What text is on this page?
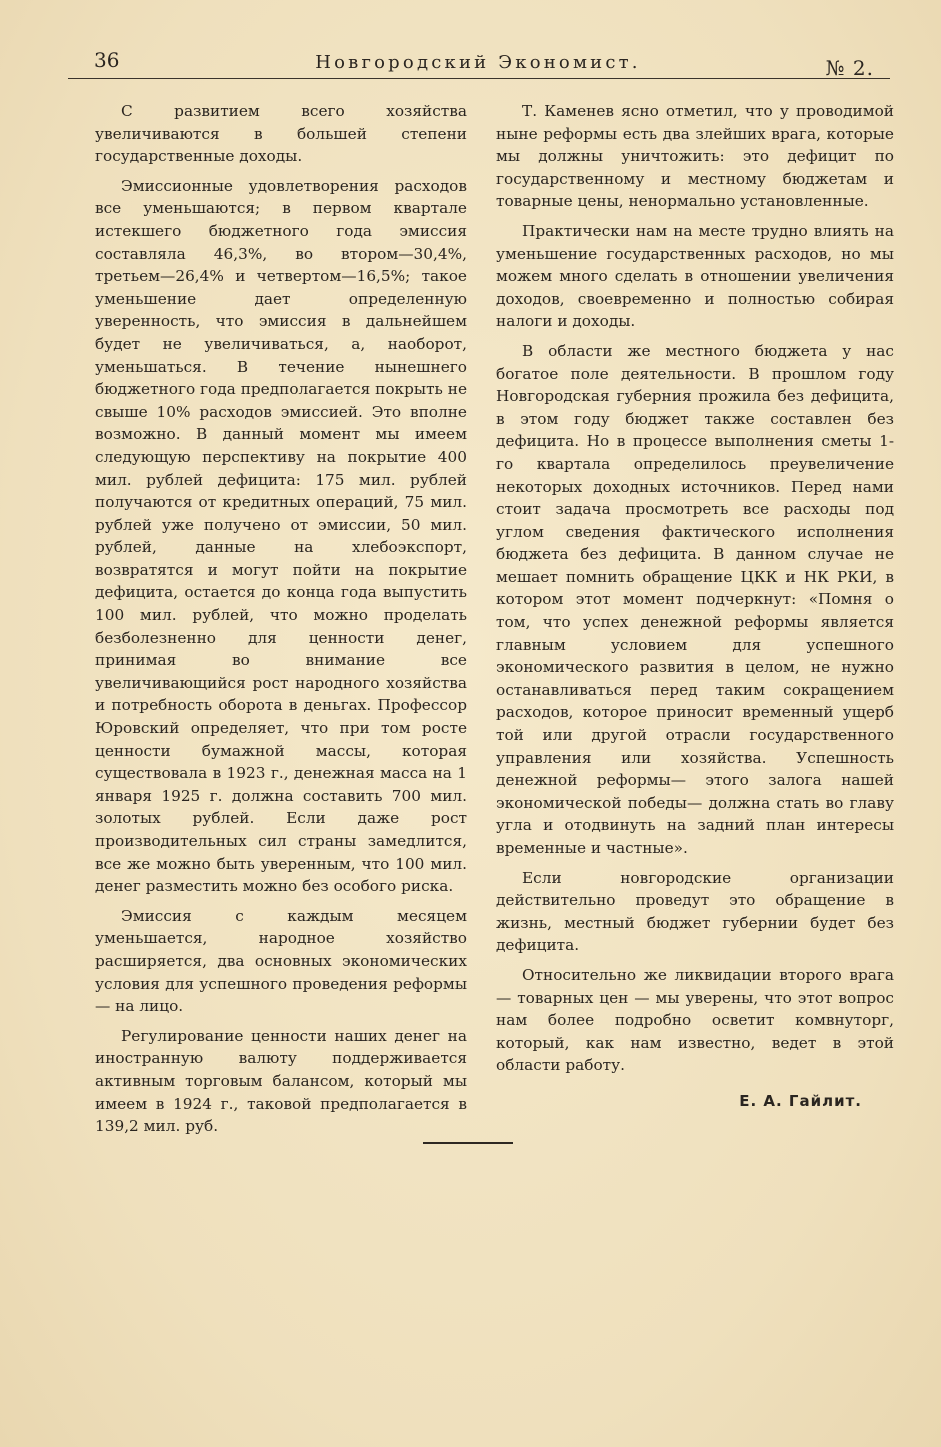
36	Новгородский Экономист.	№ 2.

С развитием всего хозяйства увеличиваются в большей степени государственные доходы.

Эмиссионные удовлетворения расходов все уменьшаются; в первом квартале истекшего бюджетного года эмиссия составляла 46,3%, во втором—30,4%, третьем—26,4% и четвертом—16,5%; такое уменьшение дает определенную уверенность, что эмиссия в дальнейшем будет не увеличиваться, а, наоборот, уменьшаться. В течение нынешнего бюджетного года предполагается покрыть не свыше 10% расходов эмиссией. Это вполне возможно. В данный момент мы имеем следующую перспективу на покрытие 400 мил. рублей дефицита: 175 мил. рублей получаются от кредитных операций, 75 мил. рублей уже получено от эмиссии, 50 мил. рублей, данные на хлебоэкспорт, возвратятся и могут пойти на покрытие дефицита, остается до конца года выпустить 100 мил. рублей, что можно проделать безболезненно для ценности денег, принимая во внимание все увеличивающийся рост народного хозяйства и потребность оборота в деньгах. Профессор Юровский определяет, что при том росте ценности бумажной массы, которая существовала в 1923 г., денежная масса на 1 января 1925 г. должна составить 700 мил. золотых рублей. Если даже рост производительных сил страны замедлится, все же можно быть уверенным, что 100 мил. денег разместить можно без особого риска.

Эмиссия с каждым месяцем уменьшается, народное хозяйство расширяется, два основных экономических условия для успешного проведения реформы— на лицо.

Регулирование ценности наших денег на иностранную валюту поддерживается активным торговым балансом, который мы имеем в 1924 г., таковой предполагается в 139,2 мил. руб.

Т. Каменев ясно отметил, что у проводимой ныне реформы есть два злейших врага, которые мы должны уничтожить: это дефицит по государственному и местному бюджетам и товарные цены, ненормально установленные.

Практически нам на месте трудно влиять на уменьшение государственных расходов, но мы можем много сделать в отношении увеличения доходов, своевременно и полностью собирая налоги и доходы.

В области же местного бюджета у нас богатое поле деятельности. В прошлом году Новгородская губерния прожила без дефицита, в этом году бюджет также составлен без дефицита. Но в процессе выполнения сметы 1-го квартала определилось преувеличение некоторых доходных источников. Перед нами стоит задача просмотреть все расходы под углом сведения фактического исполнения бюджета без дефицита. В данном случае не мешает помнить обращение ЦКК и НК РКИ, в котором этот момент подчеркнут: «Помня о том, что успех денежной реформы является главным условием для успешного экономического развития в целом, не нужно останавливаться перед таким сокращением расходов, которое приносит временный ущерб той или другой отрасли государственного управления или хозяйства. Успешность денежной реформы— этого залога нашей экономической победы— должна стать во главу угла и отодвинуть на задний план интересы временные и частные».

Если новгородские организации действительно проведут это обращение в жизнь, местный бюджет губернии будет без дефицита.

Относительно же ликвидации второго врага — товарных цен — мы уверены, что этот вопрос нам более подробно осветит комвнуторг, который, как нам известно, ведет в этой области работу.

Е. А. Гайлит.
